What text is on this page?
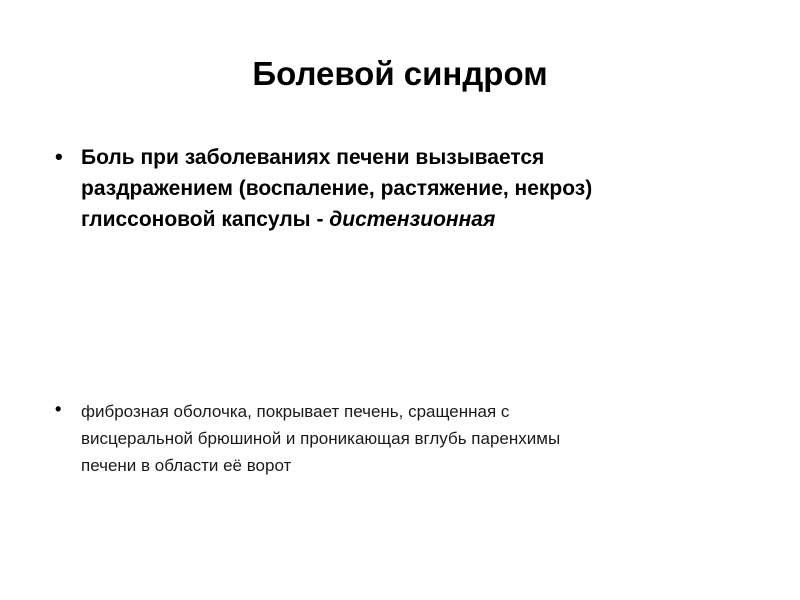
Болевой синдром
• Боль при заболеваниях печени вызывается
раздражением (воспаление, растяжение, некроз)
глиссоновой капсулы - дистензионная
• фиброзная оболочка, покрывает печень, сращенная с
висцеральной брюшиной и проникающая вглубь паренхимы
печени в области её ворот
